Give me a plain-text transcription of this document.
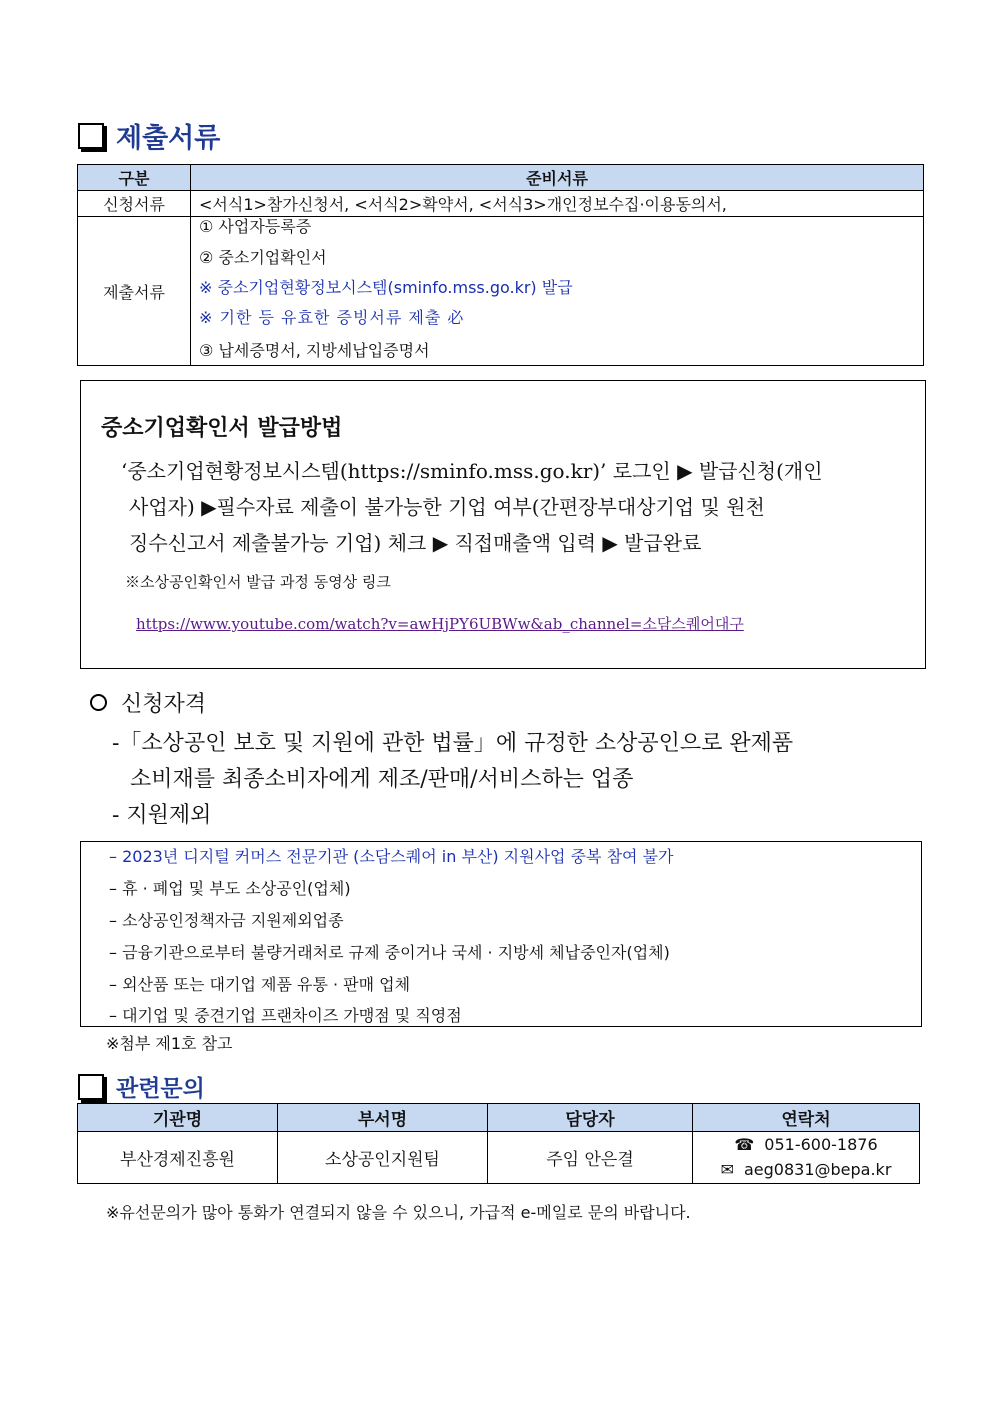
제출서류
구분	준비서류
신청서류	<서식1>참가신청서, <서식2>확약서, <서식3>개인정보수집·이용동의서,
제출서류	① 사업자등록증
② 중소기업확인서
※ 중소기업현황정보시스템(sminfo.mss.go.kr) 발급
※ 기한 등 유효한 증빙서류 제출 必
③ 납세증명서, 지방세납입증명서
중소기업확인서 발급방법
‘중소기업현황정보시스템(https://sminfo.mss.go.kr)’ 로그인 ▶ 발급신청(개인
사업자) ▶필수자료 제출이 불가능한 기업 여부(간편장부대상기업 및 원천
징수신고서 제출불가능 기업) 체크 ▶ 직접매출액 입력 ▶ 발급완료
※소상공인확인서 발급 과정 동영상 링크
https://www.youtube.com/watch?v=awHjPY6UBWw&ab_channel=소담스퀘어대구
신청자격
-「소상공인 보호 및 지원에 관한 법률」에 규정한 소상공인으로 완제품
소비재를 최종소비자에게 제조/판매/서비스하는 업종
- 지원제외
– 2023년 디지털 커머스 전문기관 (소담스퀘어 in 부산) 지원사업 중복 참여 불가
– 휴 · 폐업 및 부도 소상공인(업체)
– 소상공인정책자금 지원제외업종
– 금융기관으로부터 불량거래처로 규제 중이거나 국세 · 지방세 체납중인자(업체)
– 외산품 또는 대기업 제품 유통 · 판매 업체
– 대기업 및 중견기업 프랜차이즈 가맹점 및 직영점
※첨부 제1호 참고
관련문의
기관명	부서명	담당자	연락처
부산경제진흥원	소상공인지원팀	주임 안은결	☎ 051-600-1876
✉ aeg0831@bepa.kr
※유선문의가 많아 통화가 연결되지 않을 수 있으니, 가급적 e-메일로 문의 바랍니다.
